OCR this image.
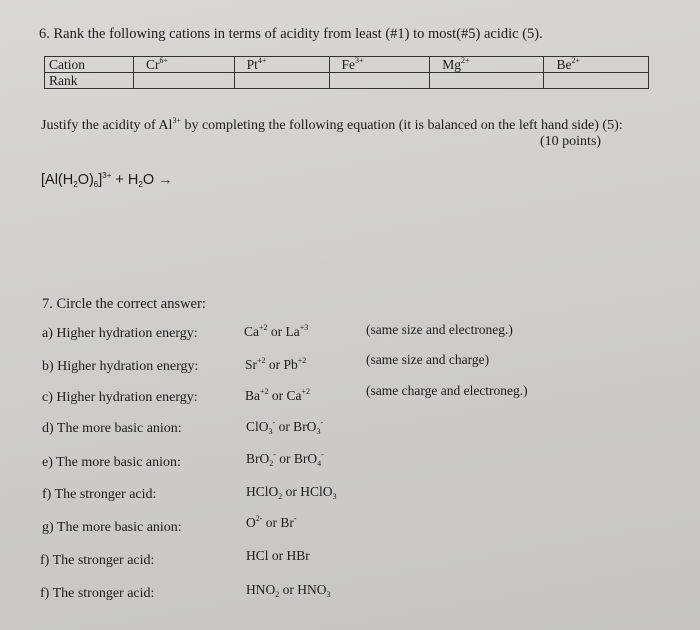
6. Rank the following cations in terms of acidity from least (#1) to most(#5) acidic (5).
Cation	$Cr^{6+}$	$Pt^{4+}$	$Fe^{3+}$	$Mg^{2+}$	$Be^{2+}$
Rank					
Justify the acidity of $Al^{3+}$ by completing the following equation (it is balanced on the left hand side) (5):
(10 points)
$[Al(H_2O)_6]^{3+} + H_2O$ →
7. Circle the correct answer:
a) Higher hydration energy:	$Ca^{+2}$ or $La^{+3}$	(same size and electroneg.)
b) Higher hydration energy:	$Sr^{+2}$ or $Pb^{+2}$	(same size and charge)
c) Higher hydration energy:	$Ba^{+2}$ or $Ca^{+2}$	(same charge and electroneg.)
d) The more basic anion:	ClO$_3$- or BrO$_3$-
e) The more basic anion:	BrO$_2$- or BrO$_4$-
f) The stronger acid:	HClO$_2$ or HClO$_3$
g) The more basic anion:	$O^{2-}$ or Br-
f) The stronger acid:	HCl or HBr
f) The stronger acid:	$HNO_2$ or $HNO_3$
